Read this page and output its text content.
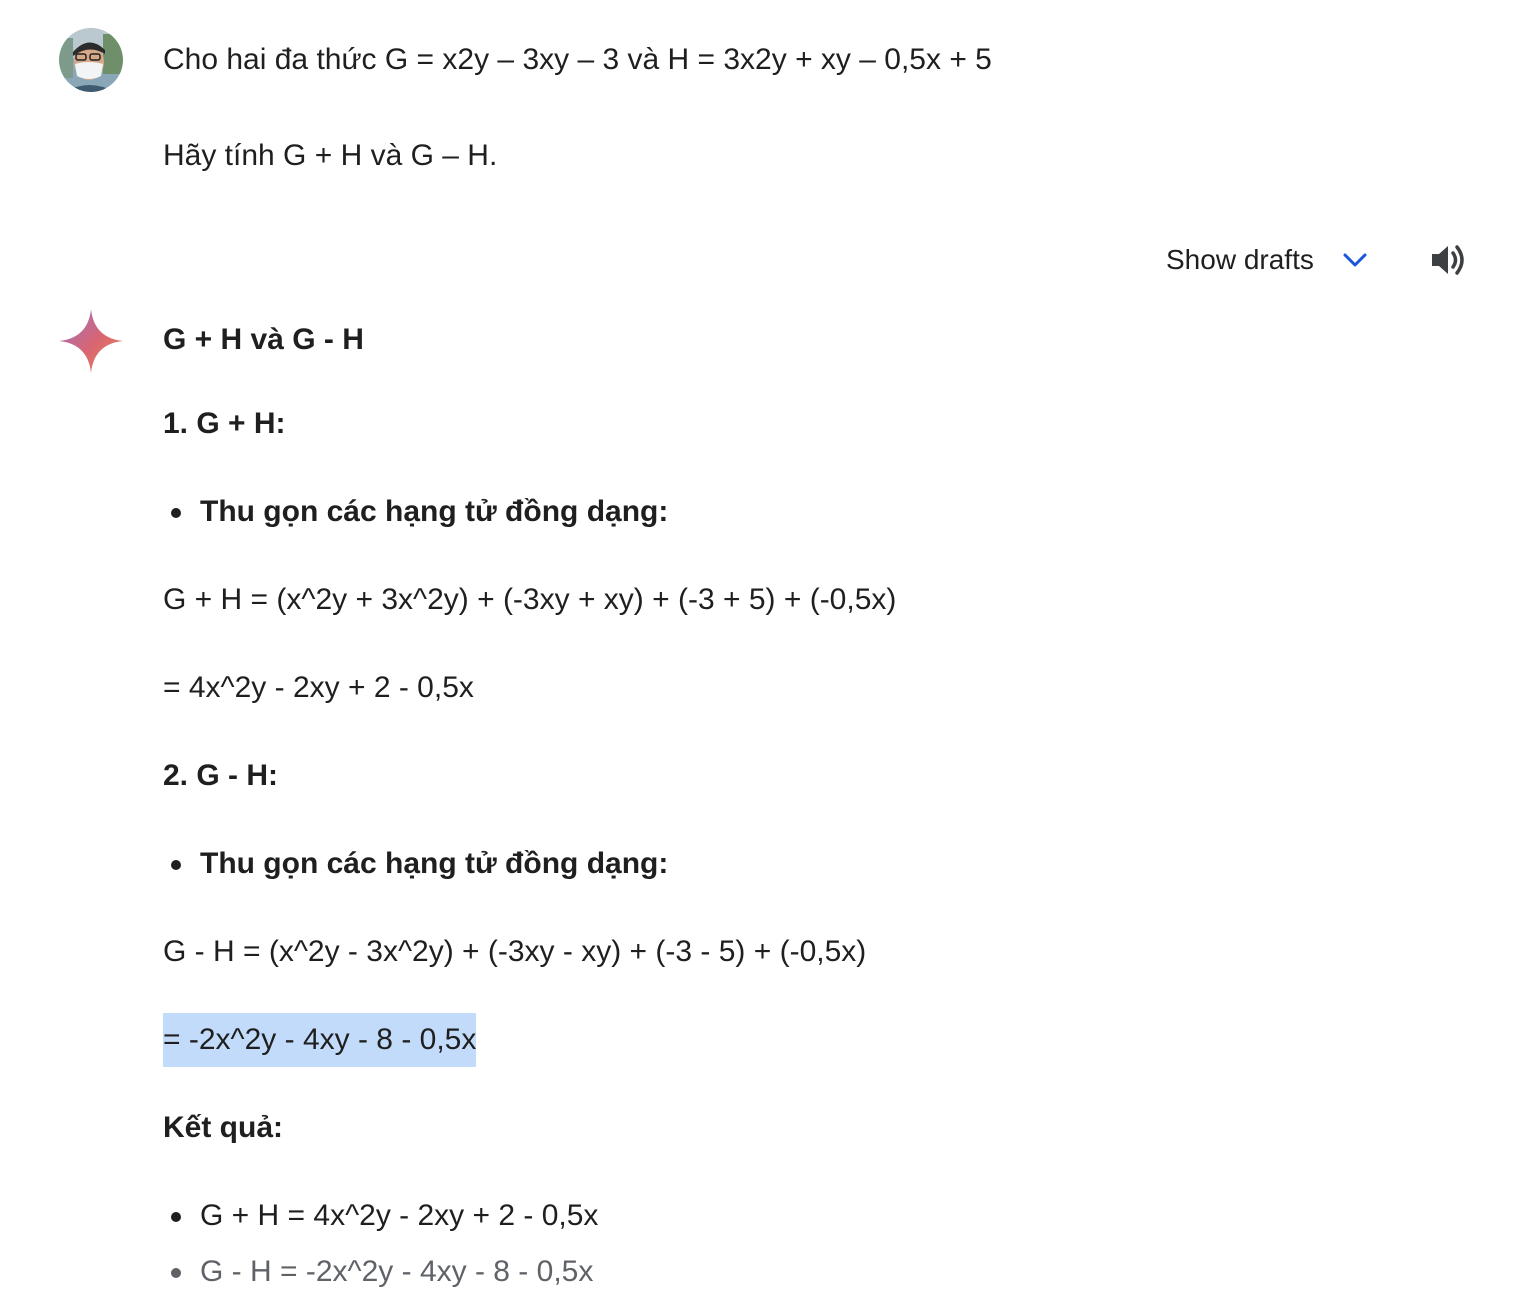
Cho hai đa thức G = x2y – 3xy – 3 và H = 3x2y + xy – 0,5x + 5
Hãy tính G + H và G – H.
Show drafts
G + H và G - H
1. G + H:
Thu gọn các hạng tử đồng dạng:
G + H = (x^2y + 3x^2y) + (-3xy + xy) + (-3 + 5) + (-0,5x)
= 4x^2y - 2xy + 2 - 0,5x
2. G - H:
Thu gọn các hạng tử đồng dạng:
G - H = (x^2y - 3x^2y) + (-3xy - xy) + (-3 - 5) + (-0,5x)
= -2x^2y - 4xy - 8 - 0,5x
Kết quả:
G + H = 4x^2y - 2xy + 2 - 0,5x
G - H = -2x^2y - 4xy - 8 - 0,5x
